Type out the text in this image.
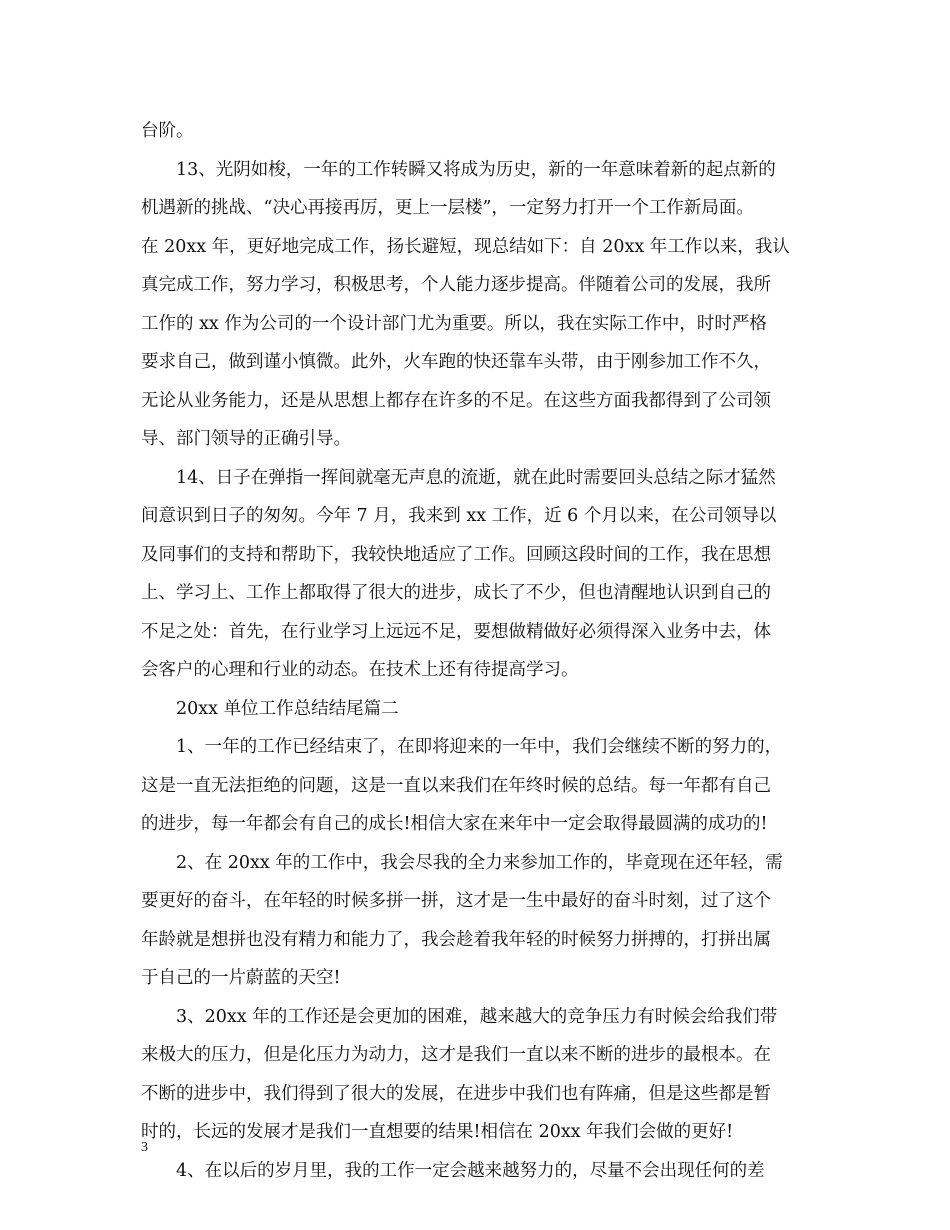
台阶。
13、光阴如梭，一年的工作转瞬又将成为历史，新的一年意味着新的起点新的
机遇新的挑战、“决心再接再厉，更上一层楼”，一定努力打开一个工作新局面。
在 20xx 年，更好地完成工作，扬长避短，现总结如下：自 20xx 年工作以来，我认
真完成工作，努力学习，积极思考，个人能力逐步提高。伴随着公司的发展，我所
工作的 xx 作为公司的一个设计部门尤为重要。所以，我在实际工作中，时时严格
要求自己，做到谨小慎微。此外，火车跑的快还靠车头带，由于刚参加工作不久，
无论从业务能力，还是从思想上都存在许多的不足。在这些方面我都得到了公司领
导、部门领导的正确引导。
14、日子在弹指一挥间就毫无声息的流逝，就在此时需要回头总结之际才猛然
间意识到日子的匆匆。今年 7 月，我来到 xx 工作，近 6 个月以来，在公司领导以
及同事们的支持和帮助下，我较快地适应了工作。回顾这段时间的工作，我在思想
上、学习上、工作上都取得了很大的进步，成长了不少，但也清醒地认识到自己的
不足之处：首先，在行业学习上远远不足，要想做精做好必须得深入业务中去，体
会客户的心理和行业的动态。在技术上还有待提高学习。
20xx 单位工作总结结尾篇二
1、一年的工作已经结束了，在即将迎来的一年中，我们会继续不断的努力的，
这是一直无法拒绝的问题，这是一直以来我们在年终时候的总结。每一年都有自己
的进步，每一年都会有自己的成长!相信大家在来年中一定会取得最圆满的成功的!
2、在 20xx 年的工作中，我会尽我的全力来参加工作的，毕竟现在还年轻，需
要更好的奋斗，在年轻的时候多拼一拼，这才是一生中最好的奋斗时刻，过了这个
年龄就是想拼也没有精力和能力了，我会趁着我年轻的时候努力拼搏的，打拼出属
于自己的一片蔚蓝的天空!
3、20xx 年的工作还是会更加的困难，越来越大的竞争压力有时候会给我们带
来极大的压力，但是化压力为动力，这才是我们一直以来不断的进步的最根本。在
不断的进步中，我们得到了很大的发展，在进步中我们也有阵痛，但是这些都是暂
时的，长远的发展才是我们一直想要的结果!相信在 20xx 年我们会做的更好!
4、在以后的岁月里，我的工作一定会越来越努力的，尽量不会出现任何的差
3
